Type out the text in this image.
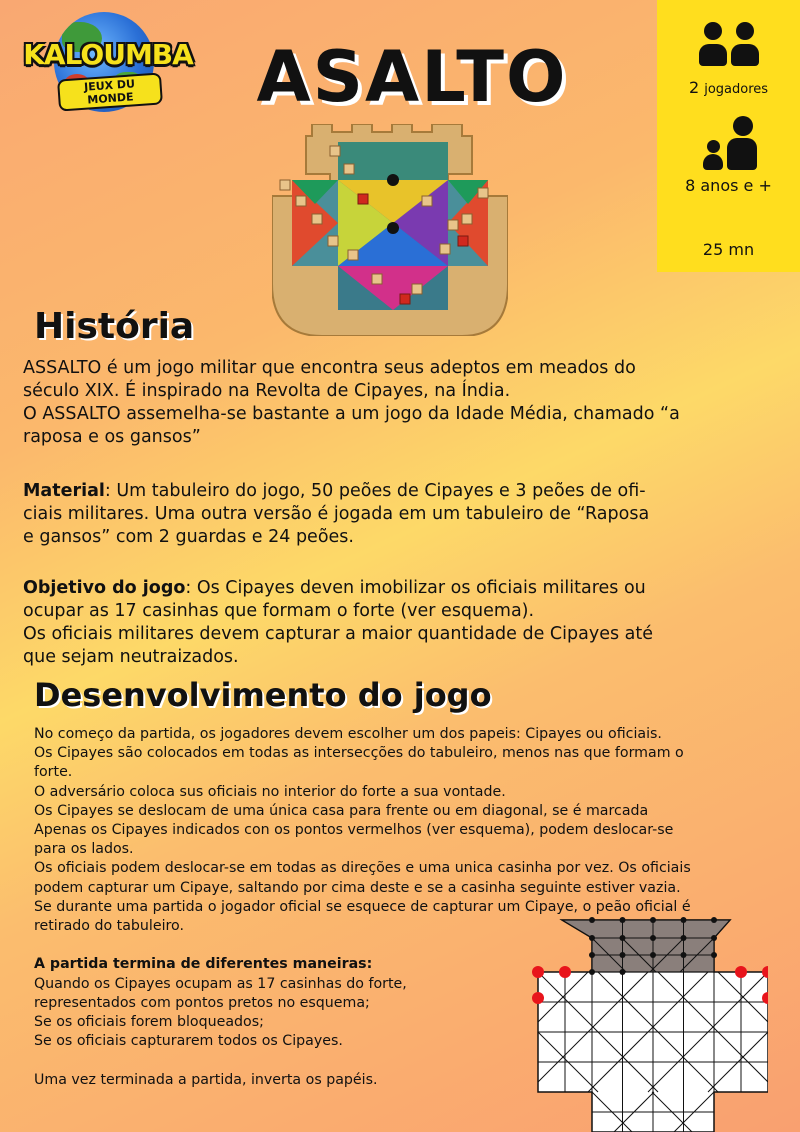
KALOUMBA
JEUX DU MONDE	ASALTO	2 jogadores
8 anos e +
25 mn
História
ASSALTO é um jogo militar que encontra seus adeptos em meados do
século XIX. É inspirado na Revolta de Cipayes, na Índia.
O ASSALTO assemelha-se bastante a um jogo da Idade Média, chamado “a
raposa e os gansos”
Material: Um tabuleiro do jogo, 50 peões de Cipayes e 3 peões de ofi-
ciais militares. Uma outra versão é jogada em um tabuleiro de “Raposa
e gansos” com 2 guardas e 24 peões.
Objetivo do jogo: Os Cipayes deven imobilizar os oficiais militares ou
ocupar as 17 casinhas que formam o forte (ver esquema).
Os oficiais militares devem capturar a maior quantidade de Cipayes até
que sejam neutraizados.
Desenvolvimento do jogo
No começo da partida, os jogadores devem escolher um dos papeis: Cipayes ou oficiais.
Os Cipayes são colocados em todas as intersecções do tabuleiro, menos nas que formam o
forte.
O adversário coloca sus oficiais no interior do forte a sua vontade.
Os Cipayes se deslocam de uma única casa para frente ou em diagonal, se é marcada
Apenas os Cipayes indicados con os pontos vermelhos (ver esquema), podem deslocar-se
para os lados.
Os oficiais podem deslocar-se em todas as direções e uma unica casinha por vez. Os oficiais
podem capturar um Cipaye, saltando por cima deste e se a casinha seguinte estiver vazia.
Se durante uma partida o jogador oficial se esquece de capturar um Cipaye, o peão oficial é
retirado do tabuleiro.
A partida termina de diferentes maneiras:
Quando os Cipayes ocupam as 17 casinhas do forte,
representados com pontos pretos no esquema;
Se os oficiais forem bloqueados;
Se os oficiais capturarem todos os Cipayes.
Uma vez terminada a partida, inverta os papéis.
